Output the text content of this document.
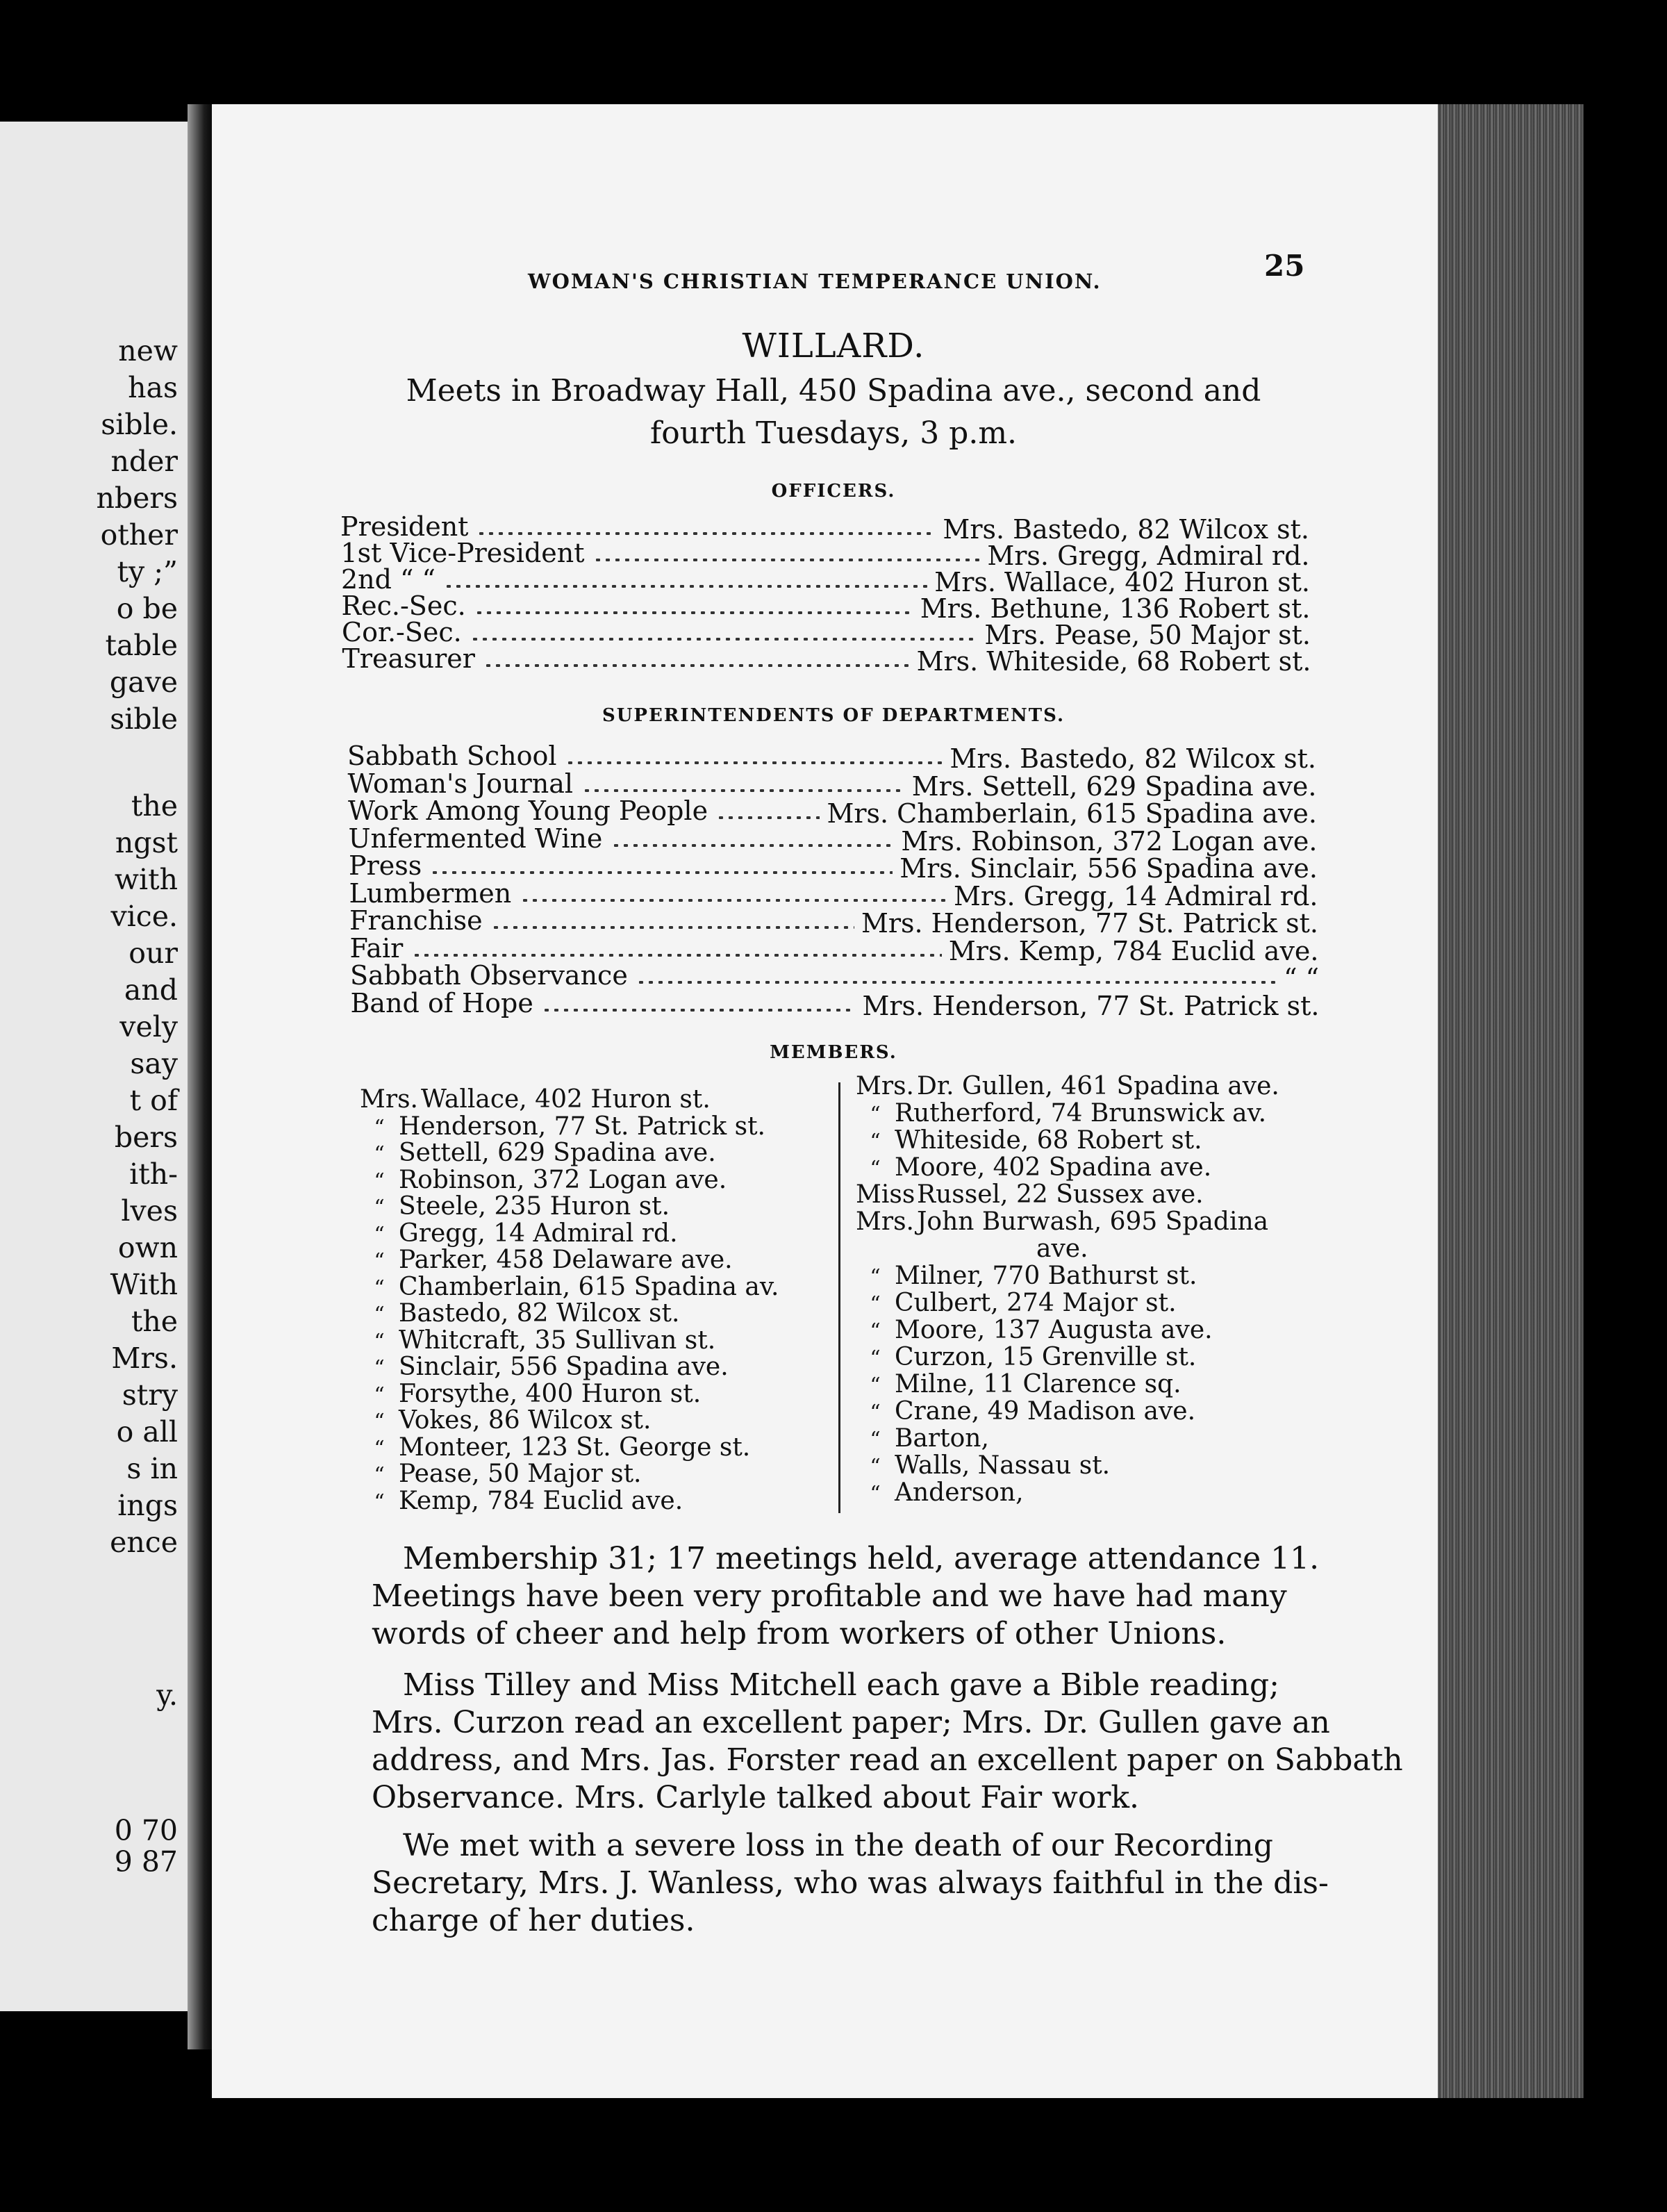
new
has
sible.
nder
nbers
other
ty ;”
o be
table
gave
sible
the
ngst
with
vice.
our
and
vely
say
t of
bers
ith-
lves
own
With
the
Mrs.
stry
o all
s in
ings
ence
y.
0 70
9 87
WOMAN'S CHRISTIAN TEMPERANCE UNION.	25
WILLARD.
Meets in Broadway Hall, 450 Spadina ave., second and
fourth Tuesdays, 3 p.m.
OFFICERS.
President	Mrs. Bastedo, 82 Wilcox st.
1st Vice-President	Mrs. Gregg, Admiral rd.
2nd “ “	Mrs. Wallace, 402 Huron st.
Rec.-Sec.	Mrs. Bethune, 136 Robert st.
Cor.-Sec.	Mrs. Pease, 50 Major st.
Treasurer	Mrs. Whiteside, 68 Robert st.
SUPERINTENDENTS OF DEPARTMENTS.
Sabbath School	Mrs. Bastedo, 82 Wilcox st.
Woman's Journal	Mrs. Settell, 629 Spadina ave.
Work Among Young People	Mrs. Chamberlain, 615 Spadina ave.
Unfermented Wine	Mrs. Robinson, 372 Logan ave.
Press	Mrs. Sinclair, 556 Spadina ave.
Lumbermen	Mrs. Gregg, 14 Admiral rd.
Franchise	Mrs. Henderson, 77 St. Patrick st.
Fair	Mrs. Kemp, 784 Euclid ave.
Sabbath Observance	“ “
Band of Hope	Mrs. Henderson, 77 St. Patrick st.
MEMBERS.
Mrs. Wallace, 402 Huron st.
“ Henderson, 77 St. Patrick st.
“ Settell, 629 Spadina ave.
“ Robinson, 372 Logan ave.
“ Steele, 235 Huron st.
“ Gregg, 14 Admiral rd.
“ Parker, 458 Delaware ave.
“ Chamberlain, 615 Spadina av.
“ Bastedo, 82 Wilcox st.
“ Whitcraft, 35 Sullivan st.
“ Sinclair, 556 Spadina ave.
“ Forsythe, 400 Huron st.
“ Vokes, 86 Wilcox st.
“ Monteer, 123 St. George st.
“ Pease, 50 Major st.
“ Kemp, 784 Euclid ave.
Mrs. Dr. Gullen, 461 Spadina ave.
“ Rutherford, 74 Brunswick av.
“ Whiteside, 68 Robert st.
“ Moore, 402 Spadina ave.
MissRussel, 22 Sussex ave.
Mrs. John Burwash, 695 Spadina
ave.
“ Milner, 770 Bathurst st.
“ Culbert, 274 Major st.
“ Moore, 137 Augusta ave.
“ Curzon, 15 Grenville st.
“ Milne, 11 Clarence sq.
“ Crane, 49 Madison ave.
“ Barton,
“ Walls, Nassau st.
“ Anderson,
Membership 31; 17 meetings held, average attendance 11.
Meetings have been very profitable and we have had many
words of cheer and help from workers of other Unions.
Miss Tilley and Miss Mitchell each gave a Bible reading;
Mrs. Curzon read an excellent paper; Mrs. Dr. Gullen gave an
address, and Mrs. Jas. Forster read an excellent paper on Sabbath
Observance. Mrs. Carlyle talked about Fair work.
We met with a severe loss in the death of our Recording
Secretary, Mrs. J. Wanless, who was always faithful in the dis-
charge of her duties.
